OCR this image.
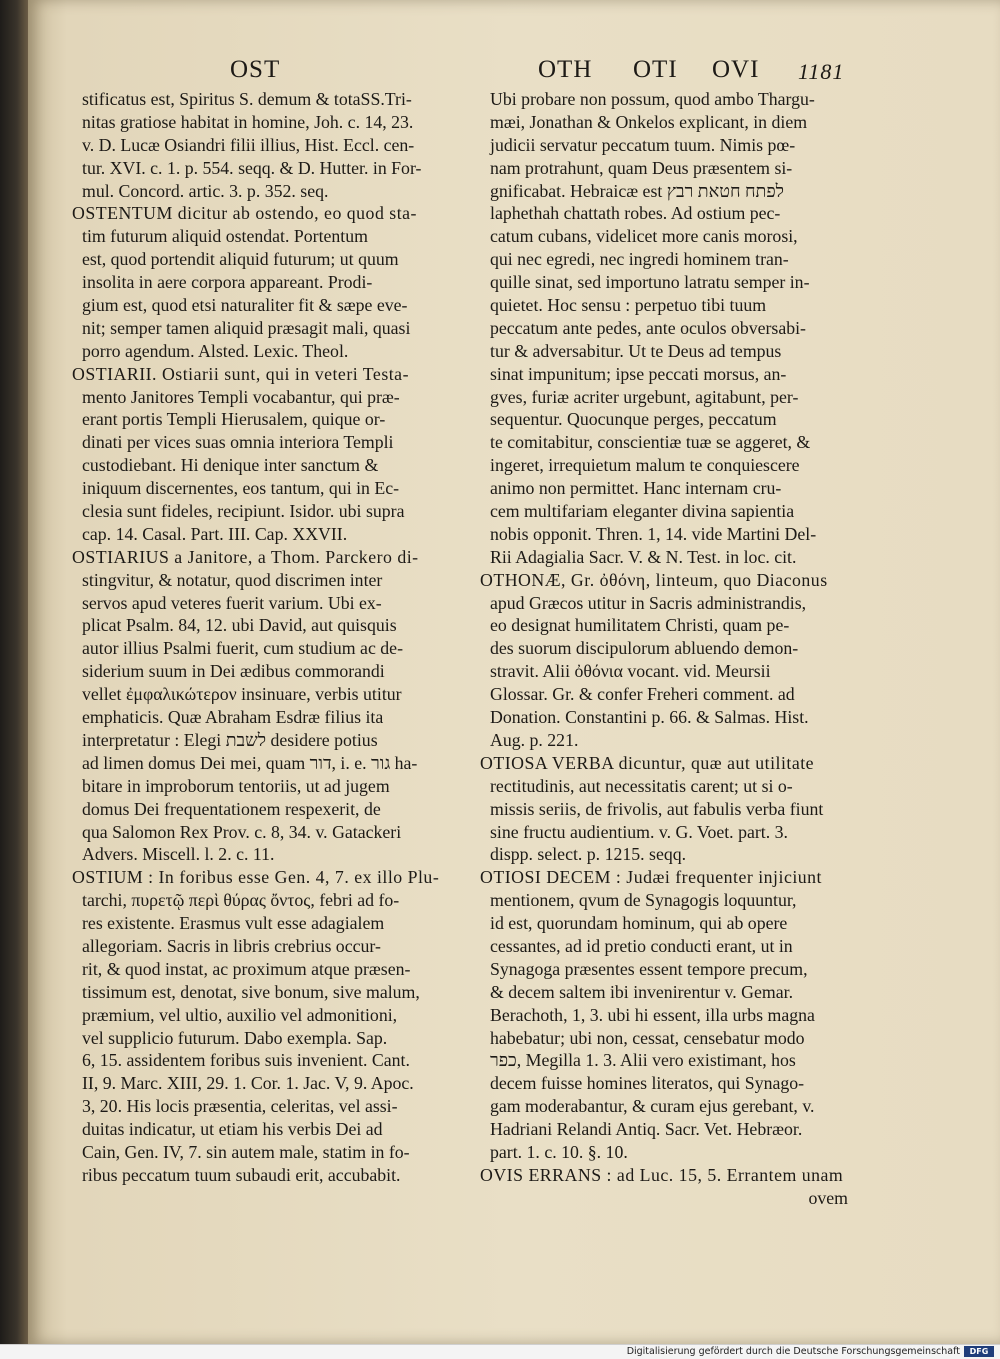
OST	OTH OTI OVI 1181
stificatus est, Spiritus S. demum & totaSS.Tri-
nitas gratiose habitat in homine, Joh. c. 14, 23.
v. D. Lucæ Osiandri filii illius, Hist. Eccl. cen-
tur. XVI. c. 1. p. 554. seqq. & D. Hutter. in For-
mul. Concord. artic. 3. p. 352. seq.
OSTENTUM dicitur ab ostendo, eo quod sta-
tim futurum aliquid ostendat. Portentum
est, quod portendit aliquid futurum; ut quum
insolita in aere corpora appareant. Prodi-
gium est, quod etsi naturaliter fit & sæpe eve-
nit; semper tamen aliquid præsagit mali, quasi
porro agendum. Alsted. Lexic. Theol.
OSTIARII. Ostiarii sunt, qui in veteri Testa-
mento Janitores Templi vocabantur, qui præ-
erant portis Templi Hierusalem, quique or-
dinati per vices suas omnia interiora Templi
custodiebant. Hi denique inter sanctum &
iniquum discernentes, eos tantum, qui in Ec-
clesia sunt fideles, recipiunt. Isidor. ubi supra
cap. 14. Casal. Part. III. Cap. XXVII.
OSTIARIUS a Janitore, a Thom. Parckero di-
stingvitur, & notatur, quod discrimen inter
servos apud veteres fuerit varium. Ubi ex-
plicat Psalm. 84, 12. ubi David, aut quisquis
autor illius Psalmi fuerit, cum studium ac de-
siderium suum in Dei ædibus commorandi
vellet ἐμφαλικώτερον insinuare, verbis utitur
emphaticis. Quæ Abraham Esdræ filius ita
interpretatur : Elegi לשבת desidere potius
ad limen domus Dei mei, quam דור, i. e. גור ha-
bitare in improborum tentoriis, ut ad jugem
domus Dei frequentationem respexerit, de
qua Salomon Rex Prov. c. 8, 34. v. Gatackeri
Advers. Miscell. l. 2. c. 11.
OSTIUM : In foribus esse Gen. 4, 7. ex illo Plu-
tarchi, πυρετῷ περὶ θύρας ὄντος, febri ad fo-
res existente. Erasmus vult esse adagialem
allegoriam. Sacris in libris crebrius occur-
rit, & quod instat, ac proximum atque præsen-
tissimum est, denotat, sive bonum, sive malum,
præmium, vel ultio, auxilio vel admonitioni,
vel supplicio futurum. Dabo exempla. Sap.
6, 15. assidentem foribus suis invenient. Cant.
II, 9. Marc. XIII, 29. 1. Cor. 1. Jac. V, 9. Apoc.
3, 20. His locis præsentia, celeritas, vel assi-
duitas indicatur, ut etiam his verbis Dei ad
Cain, Gen. IV, 7. sin autem male, statim in fo-
ribus peccatum tuum subaudi erit, accubabit.
Ubi probare non possum, quod ambo Thargu-
mæi, Jonathan & Onkelos explicant, in diem
judicii servatur peccatum tuum. Nimis pœ-
nam protrahunt, quam Deus præsentem si-
gnificabat. Hebraicæ est לפתח חטאת רבץ
laphethah chattath robes. Ad ostium pec-
catum cubans, videlicet more canis morosi,
qui nec egredi, nec ingredi hominem tran-
quille sinat, sed importuno latratu semper in-
quietet. Hoc sensu : perpetuo tibi tuum
peccatum ante pedes, ante oculos obversabi-
tur & adversabitur. Ut te Deus ad tempus
sinat impunitum; ipse peccati morsus, an-
gves, furiæ acriter urgebunt, agitabunt, per-
sequentur. Quocunque perges, peccatum
te comitabitur, conscientiæ tuæ se aggeret, &
ingeret, irrequietum malum te conquiescere
animo non permittet. Hanc internam cru-
cem multifariam eleganter divina sapientia
nobis opponit. Thren. 1, 14. vide Martini Del-
Rii Adagialia Sacr. V. & N. Test. in loc. cit.
OTHONÆ, Gr. ὀθόνη, linteum, quo Diaconus
apud Græcos utitur in Sacris administrandis,
eo designat humilitatem Christi, quam pe-
des suorum discipulorum abluendo demon-
stravit. Alii ὀθόνια vocant. vid. Meursii
Glossar. Gr. & confer Freheri comment. ad
Donation. Constantini p. 66. & Salmas. Hist.
Aug. p. 221.
OTIOSA VERBA dicuntur, quæ aut utilitate
rectitudinis, aut necessitatis carent; ut si o-
missis seriis, de frivolis, aut fabulis verba fiunt
sine fructu audientium. v. G. Voet. part. 3.
dispp. select. p. 1215. seqq.
OTIOSI DECEM : Judæi frequenter injiciunt
mentionem, qvum de Synagogis loquuntur,
id est, quorundam hominum, qui ab opere
cessantes, ad id pretio conducti erant, ut in
Synagoga præsentes essent tempore precum,
& decem saltem ibi invenirentur v. Gemar.
Berachoth, 1, 3. ubi hi essent, illa urbs magna
habebatur; ubi non, cessat, censebatur modo
כפר, Megilla 1. 3. Alii vero existimant, hos
decem fuisse homines literatos, qui Synago-
gam moderabantur, & curam ejus gerebant, v.
Hadriani Relandi Antiq. Sacr. Vet. Hebræor.
part. 1. c. 10. §. 10.
OVIS ERRANS : ad Luc. 15, 5. Errantem unam
ovem
Digitalisierung gefördert durch die Deutsche Forschungsgemeinschaft	DFG
